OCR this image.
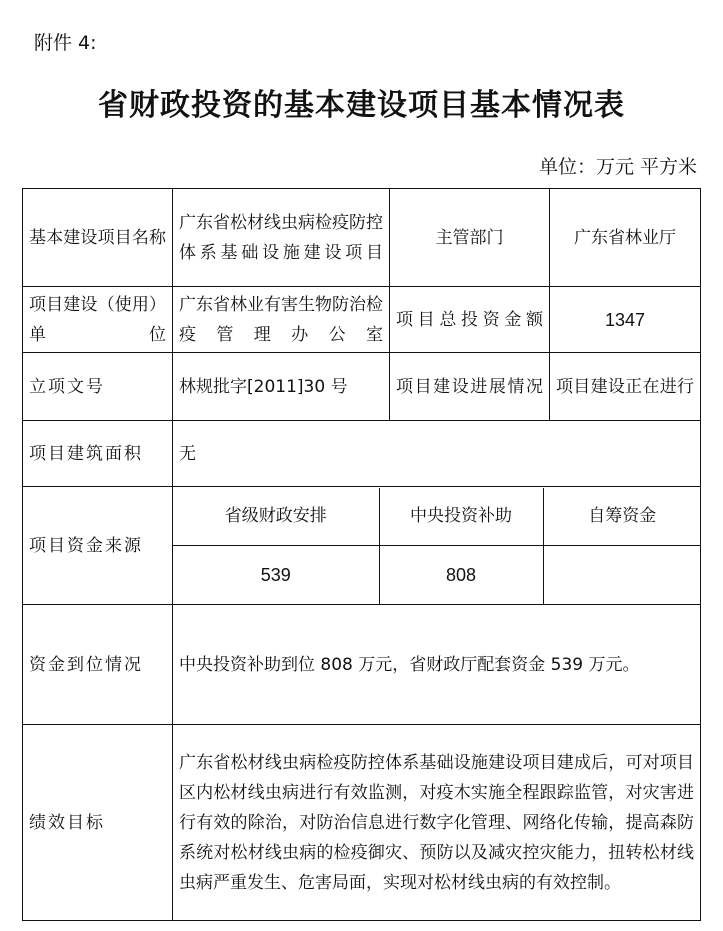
附件 4:
省财政投资的基本建设项目基本情况表
单位：万元 平方米
基本建设项目名称	广东省松材线虫病检疫防控体系基础设施建设项目	主管部门	广东省林业厅
项目建设（使用）单位	广东省林业有害生物防治检疫管理办公室	项目总投资金额	1347
立项文号	林规批字[2011]30 号	项目建设进展情况	项目建设正在进行
项目建筑面积	无
项目资金来源	
省级财政安排	中央投资补助	自筹资金
539	808	

资金到位情况	中央投资补助到位 808 万元，省财政厅配套资金 539 万元。
绩效目标	广东省松材线虫病检疫防控体系基础设施建设项目建成后，可对项目区内松材线虫病进行有效监测，对疫木实施全程跟踪监管，对灾害进行有效的除治，对防治信息进行数字化管理、网络化传输，提高森防系统对松材线虫病的检疫御灾、预防以及减灾控灾能力，扭转松材线虫病严重发生、危害局面，实现对松材线虫病的有效控制。
